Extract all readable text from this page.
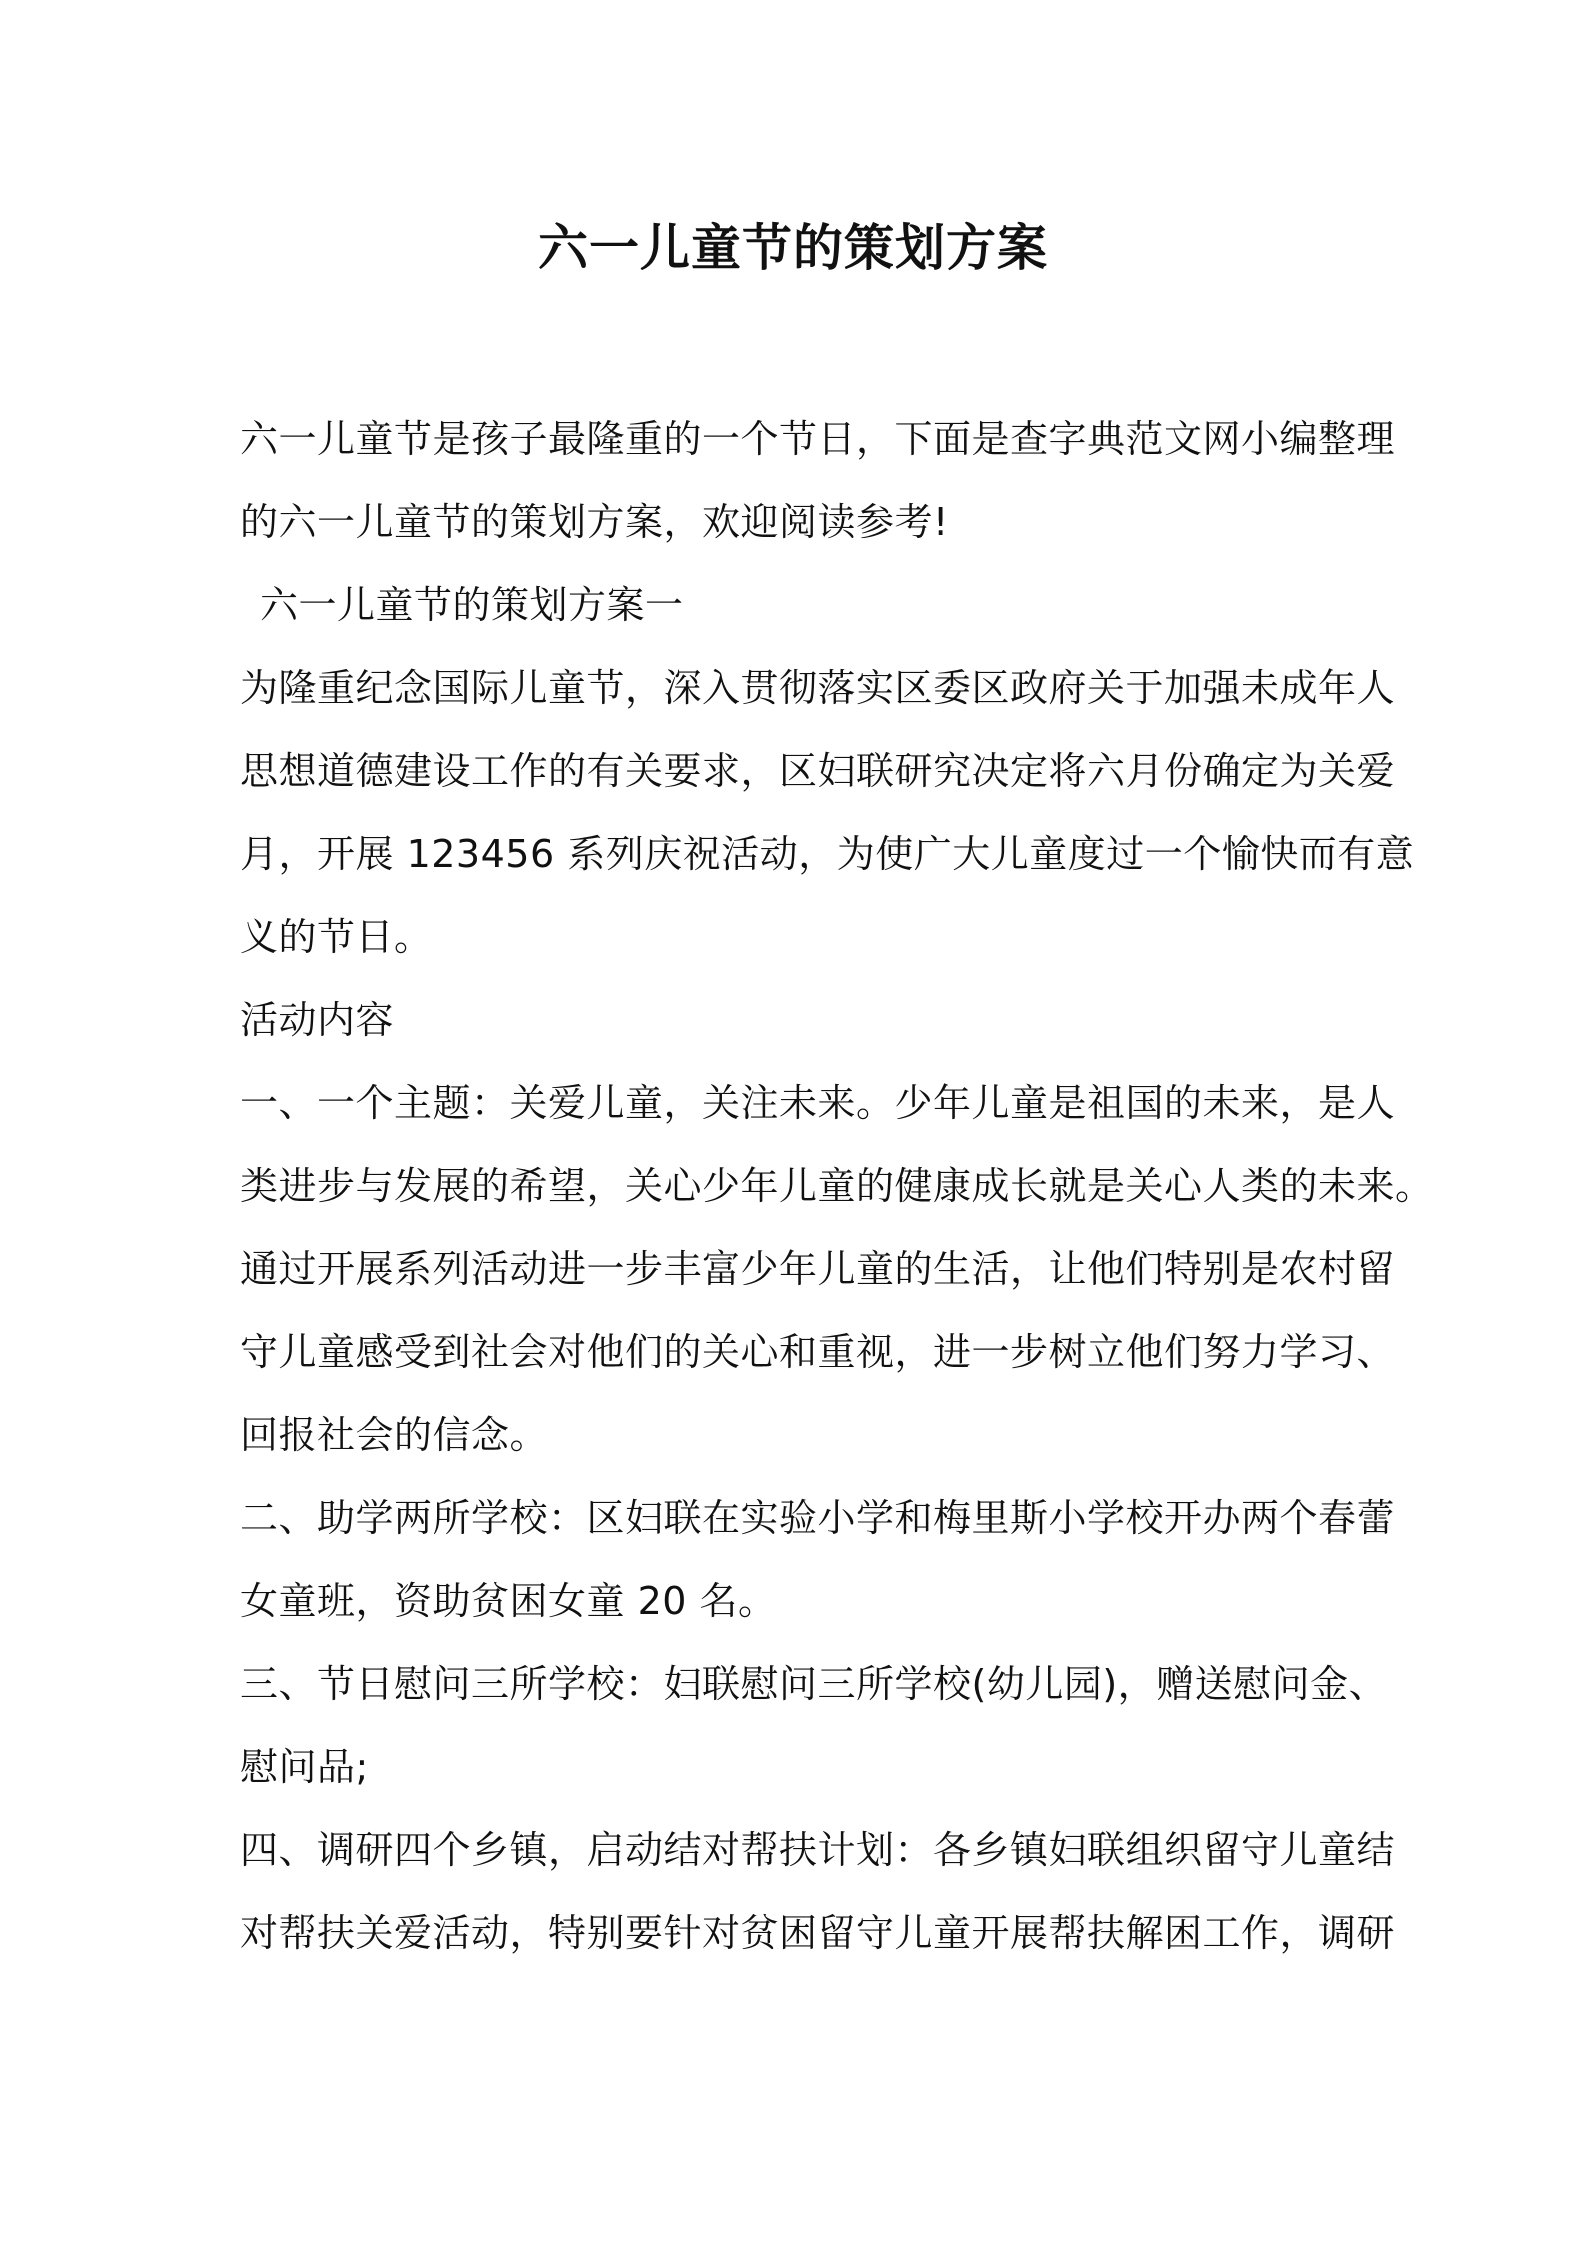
六一儿童节的策划方案
六一儿童节是孩子最隆重的一个节日，下面是查字典范文网小编整理
的六一儿童节的策划方案，欢迎阅读参考!
六一儿童节的策划方案一
为隆重纪念国际儿童节，深入贯彻落实区委区政府关于加强未成年人
思想道德建设工作的有关要求，区妇联研究决定将六月份确定为关爱
月，开展 123456 系列庆祝活动，为使广大儿童度过一个愉快而有意
义的节日。
活动内容
一、一个主题：关爱儿童，关注未来。少年儿童是祖国的未来，是人
类进步与发展的希望，关心少年儿童的健康成长就是关心人类的未来。
通过开展系列活动进一步丰富少年儿童的生活，让他们特别是农村留
守儿童感受到社会对他们的关心和重视，进一步树立他们努力学习、
回报社会的信念。
二、助学两所学校：区妇联在实验小学和梅里斯小学校开办两个春蕾
女童班，资助贫困女童 20 名。
三、节日慰问三所学校：妇联慰问三所学校(幼儿园)，赠送慰问金、
慰问品;
四、调研四个乡镇，启动结对帮扶计划：各乡镇妇联组织留守儿童结
对帮扶关爱活动，特别要针对贫困留守儿童开展帮扶解困工作，调研
